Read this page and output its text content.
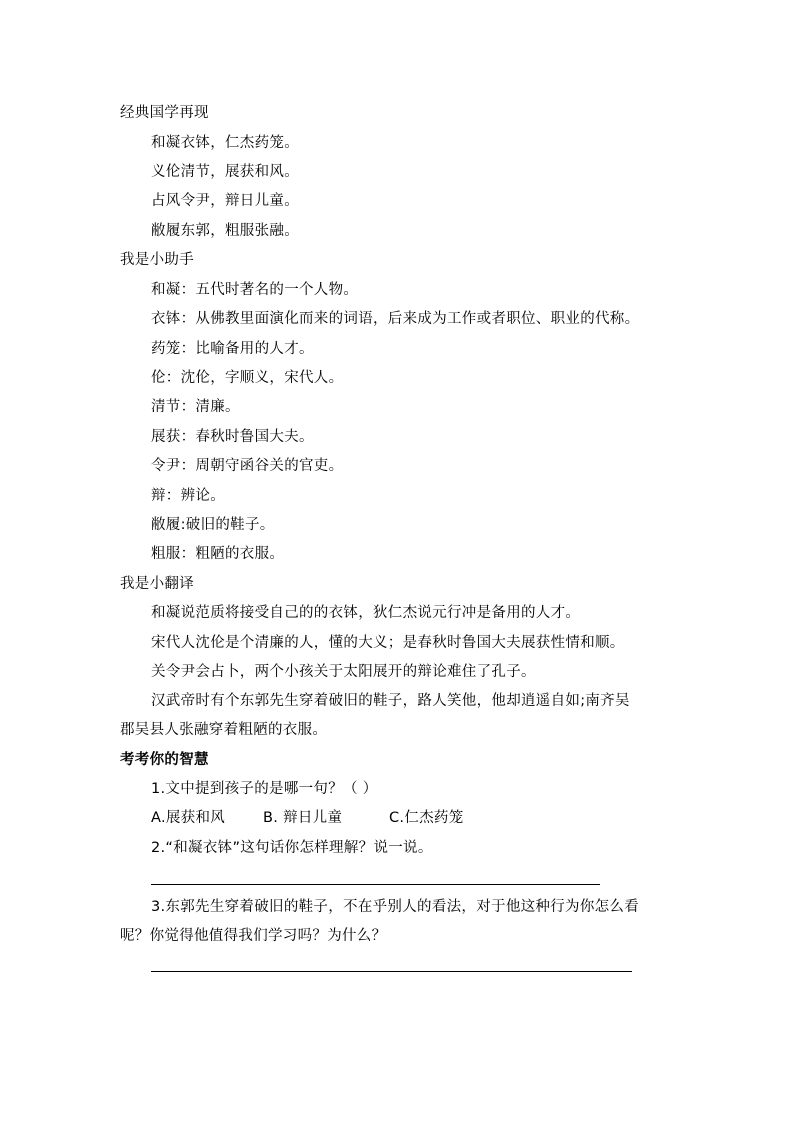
经典国学再现
和凝衣钵，仁杰药笼。
义伦清节，展获和风。
占风令尹，辩日儿童。
敝履东郭，粗服张融。
我是小助手
和凝：五代时著名的一个人物。
衣钵：从佛教里面演化而来的词语，后来成为工作或者职位、职业的代称。
药笼：比喻备用的人才。
伦：沈伦，字顺义，宋代人。
清节：清廉。
展获：春秋时鲁国大夫。
令尹：周朝守函谷关的官吏。
辩：辨论。
敝履:破旧的鞋子。
粗服：粗陋的衣服。
我是小翻译
和凝说范质将接受自己的的衣钵，狄仁杰说元行冲是备用的人才。
宋代人沈伦是个清廉的人，懂的大义；是春秋时鲁国大夫展获性情和顺。
关令尹会占卜，两个小孩关于太阳展开的辩论难住了孔子。
汉武帝时有个东郭先生穿着破旧的鞋子，路人笑他，他却逍遥自如;南齐吴
郡吴县人张融穿着粗陋的衣服。
考考你的智慧
1.文中提到孩子的是哪一句？（ ）
A.展获和风	B. 辩日儿童	C.仁杰药笼
2.“和凝衣钵”这句话你怎样理解？说一说。
3.东郭先生穿着破旧的鞋子，不在乎别人的看法，对于他这种行为你怎么看
呢？你觉得他值得我们学习吗？为什么？
